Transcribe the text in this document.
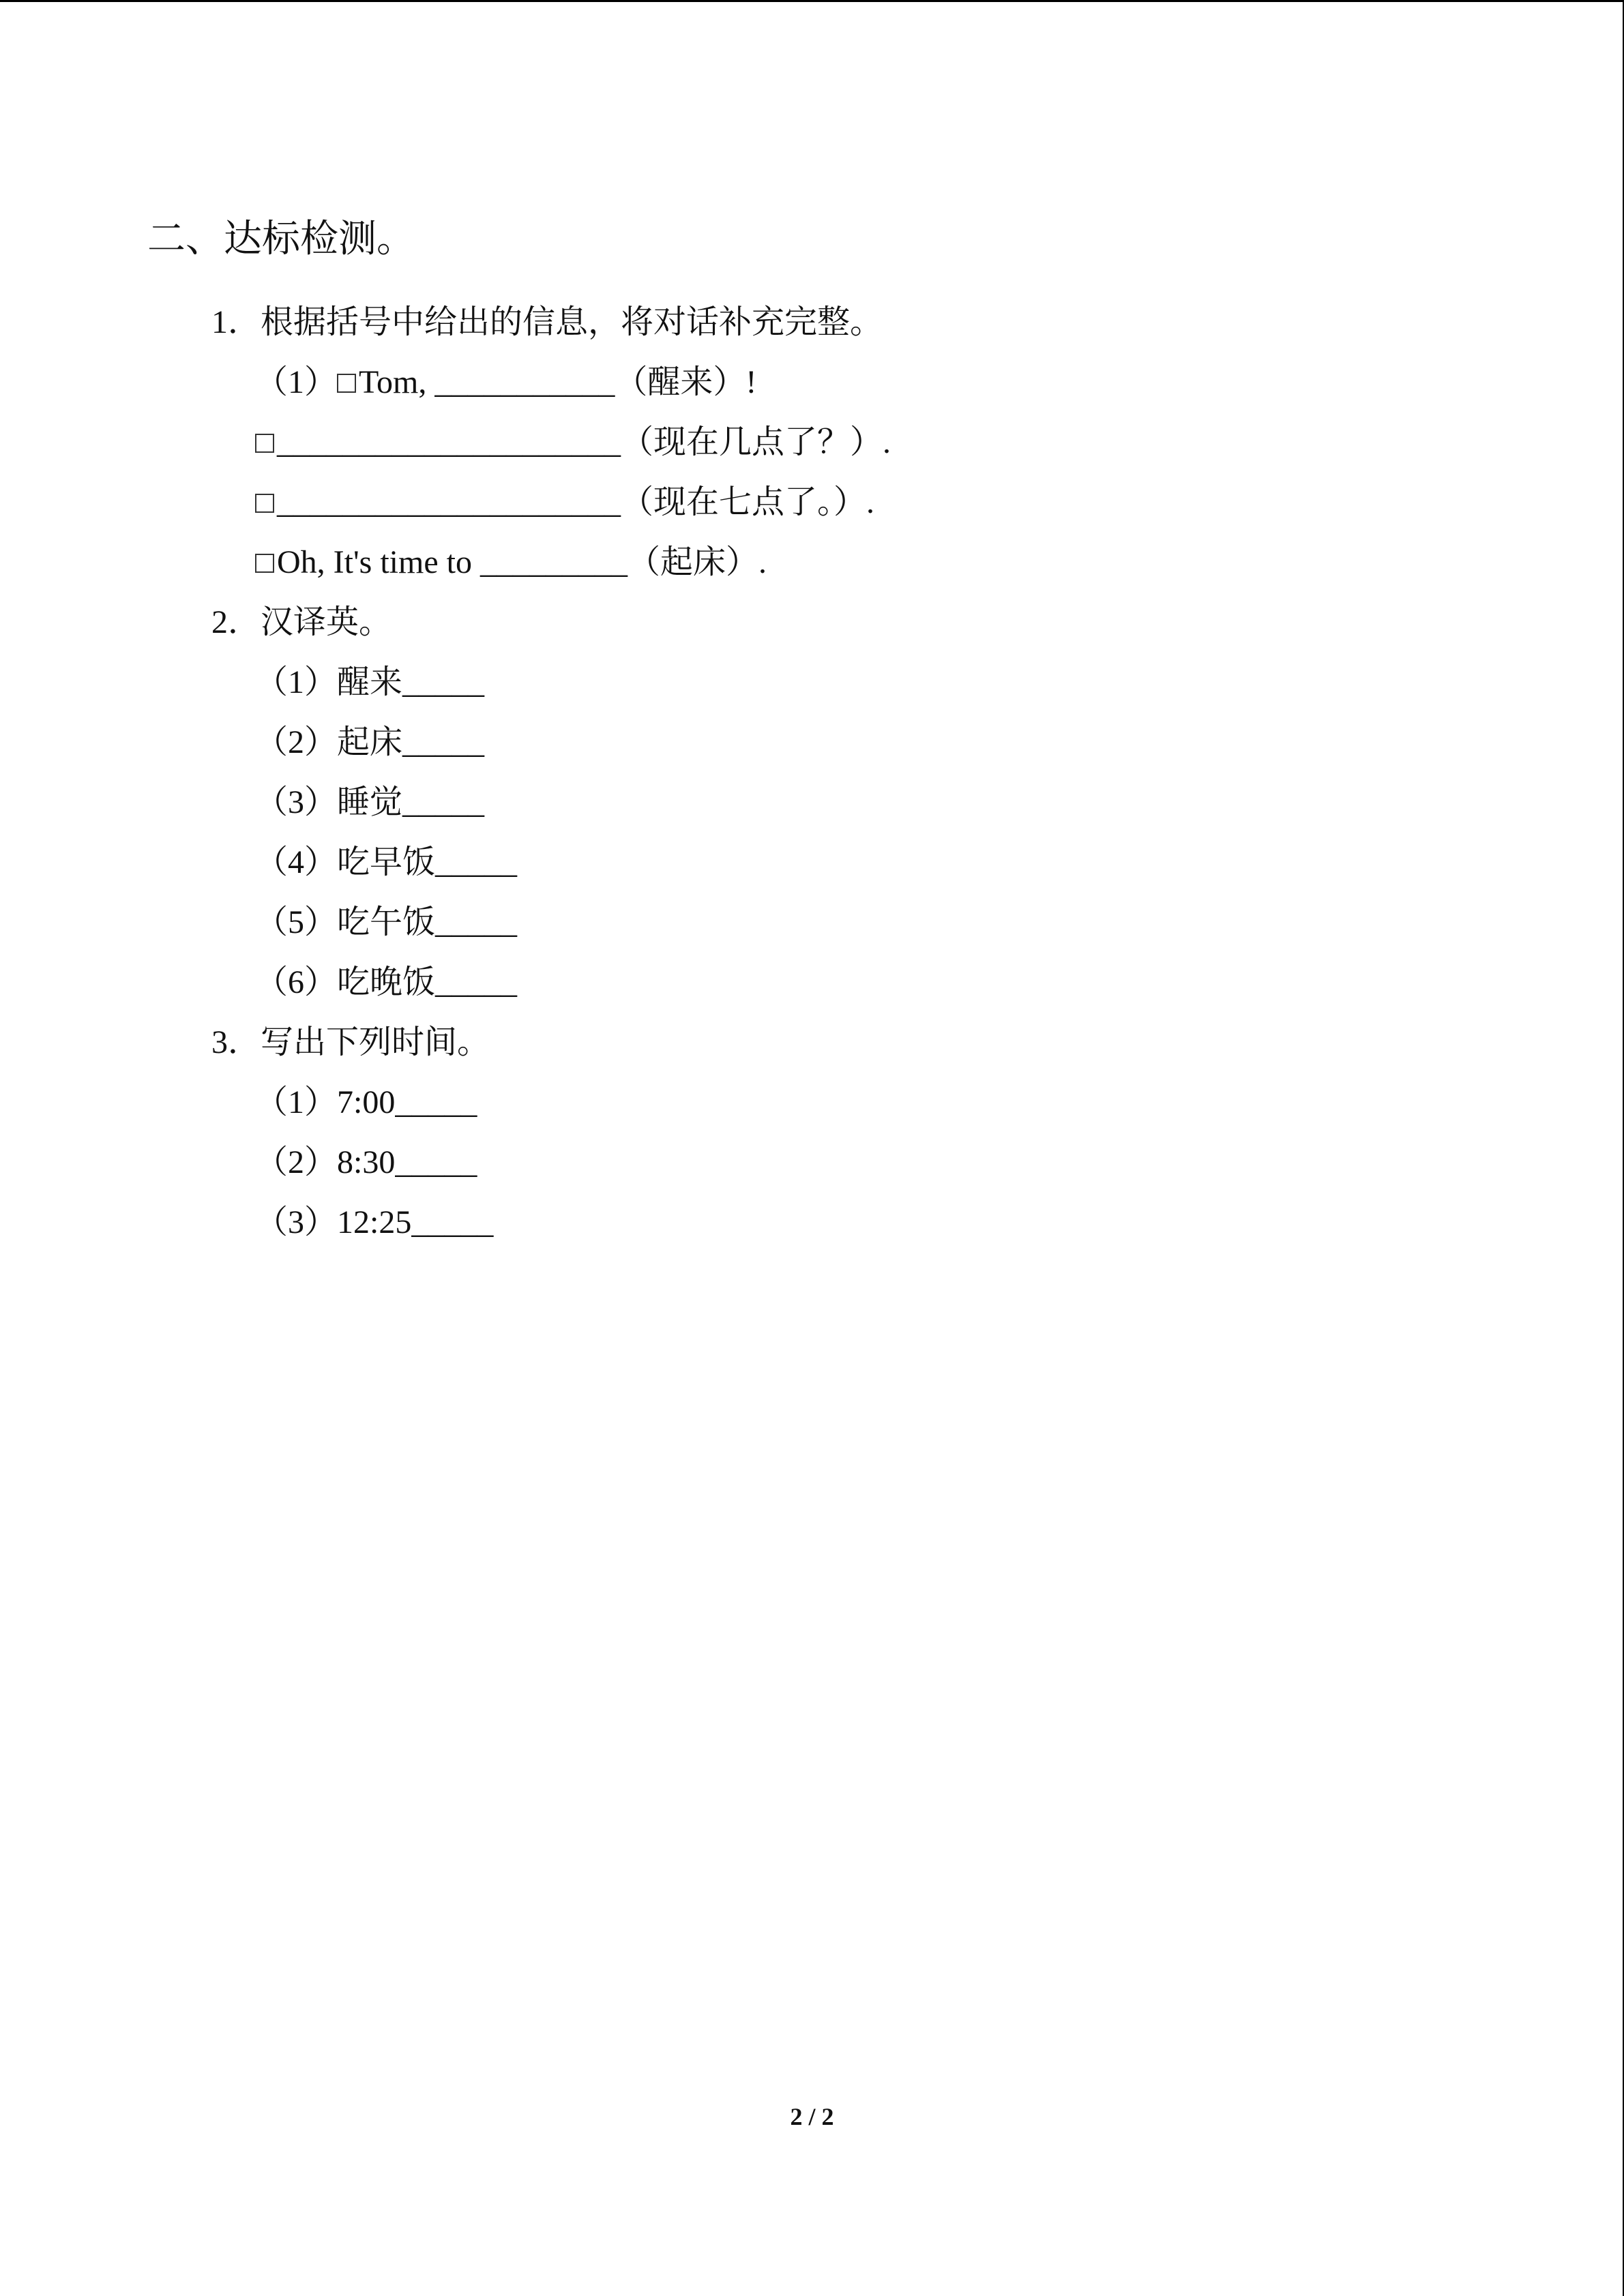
二、达标检测。
1．根据括号中给出的信息，将对话补充完整。
（1） Tom, ___________（醒来）!
_____________________（现在几点了？）.
_____________________（现在七点了。）.
Oh, It's time to _________（起床）.
2．汉译英。
（1）醒来_____
（2）起床_____
（3）睡觉_____
（4）吃早饭_____
（5）吃午饭_____
（6）吃晚饭_____
3．写出下列时间。
（1）7:00_____
（2）8:30_____
（3）12:25_____
2 / 2
